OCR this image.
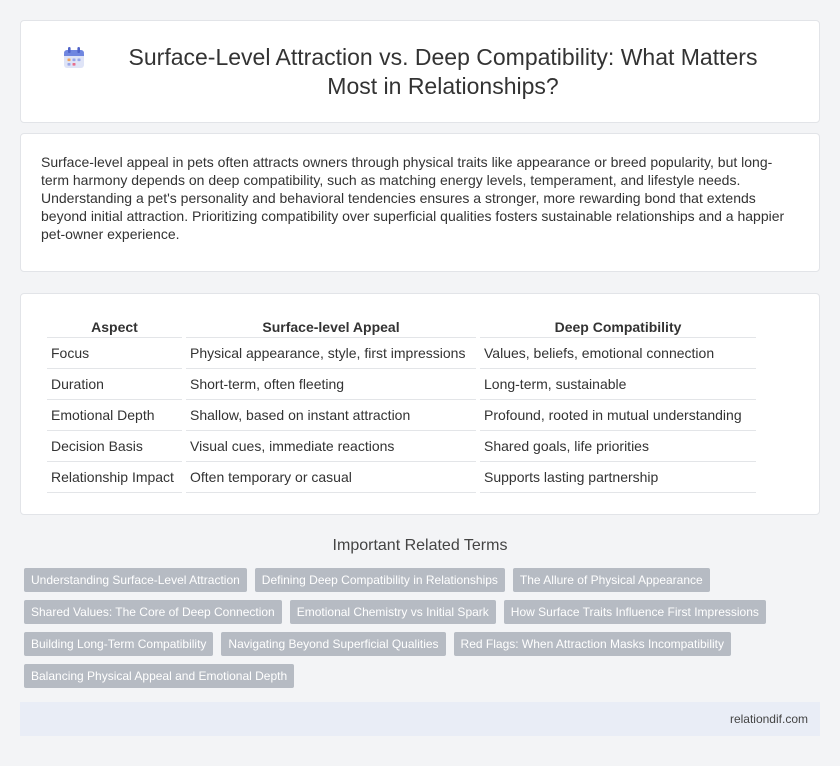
Surface-Level Attraction vs. Deep Compatibility: What Matters Most in Relationships?

Surface-level appeal in pets often attracts owners through physical traits like appearance or breed popularity, but long-term harmony depends on deep compatibility, such as matching energy levels, temperament, and lifestyle needs. Understanding a pet's personality and behavioral tendencies ensures a stronger, more rewarding bond that extends beyond initial attraction. Prioritizing compatibility over superficial qualities fosters sustainable relationships and a happier pet-owner experience.

Aspect	Surface-level Appeal	Deep Compatibility
Focus	Physical appearance, style, first impressions	Values, beliefs, emotional connection
Duration	Short-term, often fleeting	Long-term, sustainable
Emotional Depth	Shallow, based on instant attraction	Profound, rooted in mutual understanding
Decision Basis	Visual cues, immediate reactions	Shared goals, life priorities
Relationship Impact	Often temporary or casual	Supports lasting partnership
Important Related Terms
Understanding Surface-Level Attraction	Defining Deep Compatibility in Relationships	The Allure of Physical Appearance
Shared Values: The Core of Deep Connection	Emotional Chemistry vs Initial Spark	How Surface Traits Influence First Impressions
Building Long-Term Compatibility	Navigating Beyond Superficial Qualities	Red Flags: When Attraction Masks Incompatibility
Balancing Physical Appeal and Emotional Depth
relationdif.com
